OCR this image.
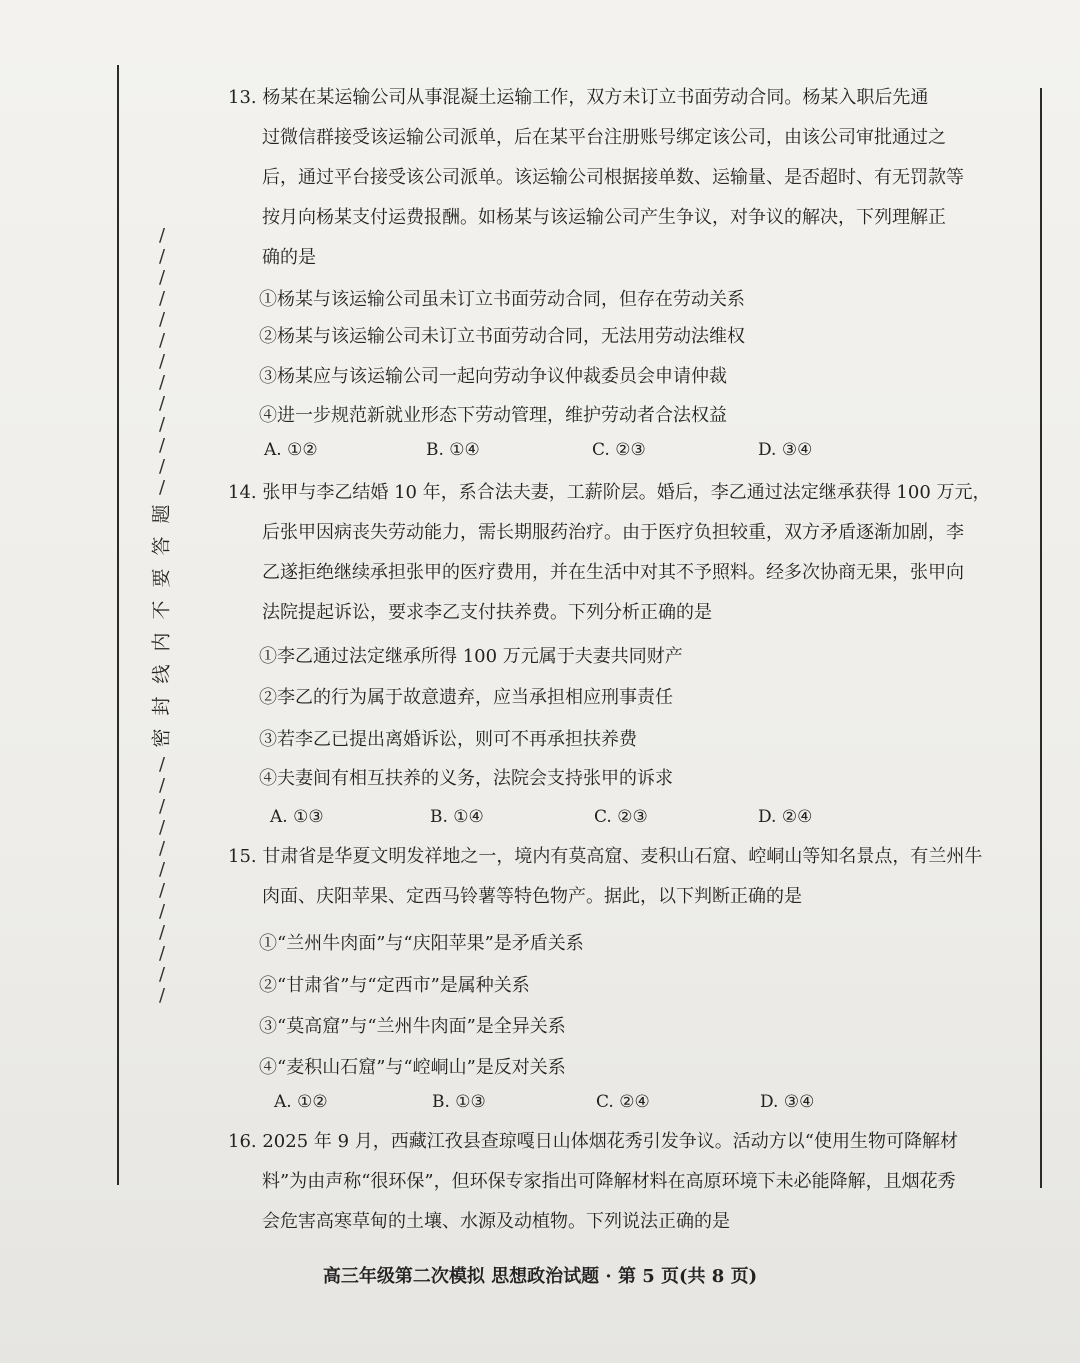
/
/
/
/
/
/
/
/
/
/
/
/
/
题
答
要
不
内
线
封
密
/
/
/
/
/
/
/
/
/
/
/
/
13. 杨某在某运输公司从事混凝土运输工作，双方未订立书面劳动合同。杨某入职后先通
过微信群接受该运输公司派单，后在某平台注册账号绑定该公司，由该公司审批通过之
后，通过平台接受该公司派单。该运输公司根据接单数、运输量、是否超时、有无罚款等
按月向杨某支付运费报酬。如杨某与该运输公司产生争议，对争议的解决，下列理解正
确的是
①杨某与该运输公司虽未订立书面劳动合同，但存在劳动关系
②杨某与该运输公司未订立书面劳动合同，无法用劳动法维权
③杨某应与该运输公司一起向劳动争议仲裁委员会申请仲裁
④进一步规范新就业形态下劳动管理，维护劳动者合法权益
A. ①②	B. ①④	C. ②③	D. ③④
14. 张甲与李乙结婚 10 年，系合法夫妻，工薪阶层。婚后，李乙通过法定继承获得 100 万元，
后张甲因病丧失劳动能力，需长期服药治疗。由于医疗负担较重，双方矛盾逐渐加剧，李
乙遂拒绝继续承担张甲的医疗费用，并在生活中对其不予照料。经多次协商无果，张甲向
法院提起诉讼，要求李乙支付扶养费。下列分析正确的是
①李乙通过法定继承所得 100 万元属于夫妻共同财产
②李乙的行为属于故意遗弃，应当承担相应刑事责任
③若李乙已提出离婚诉讼，则可不再承担扶养费
④夫妻间有相互扶养的义务，法院会支持张甲的诉求
A. ①③	B. ①④	C. ②③	D. ②④
15. 甘肃省是华夏文明发祥地之一，境内有莫高窟、麦积山石窟、崆峒山等知名景点，有兰州牛
肉面、庆阳苹果、定西马铃薯等特色物产。据此，以下判断正确的是
①“兰州牛肉面”与“庆阳苹果”是矛盾关系
②“甘肃省”与“定西市”是属种关系
③“莫高窟”与“兰州牛肉面”是全异关系
④“麦积山石窟”与“崆峒山”是反对关系
A. ①②	B. ①③	C. ②④	D. ③④
16. 2025 年 9 月，西藏江孜县查琼嘎日山体烟花秀引发争议。活动方以“使用生物可降解材
料”为由声称“很环保”，但环保专家指出可降解材料在高原环境下未必能降解，且烟花秀
会危害高寒草甸的土壤、水源及动植物。下列说法正确的是
高三年级第二次模拟 思想政治试题 · 第 5 页(共 8 页)
